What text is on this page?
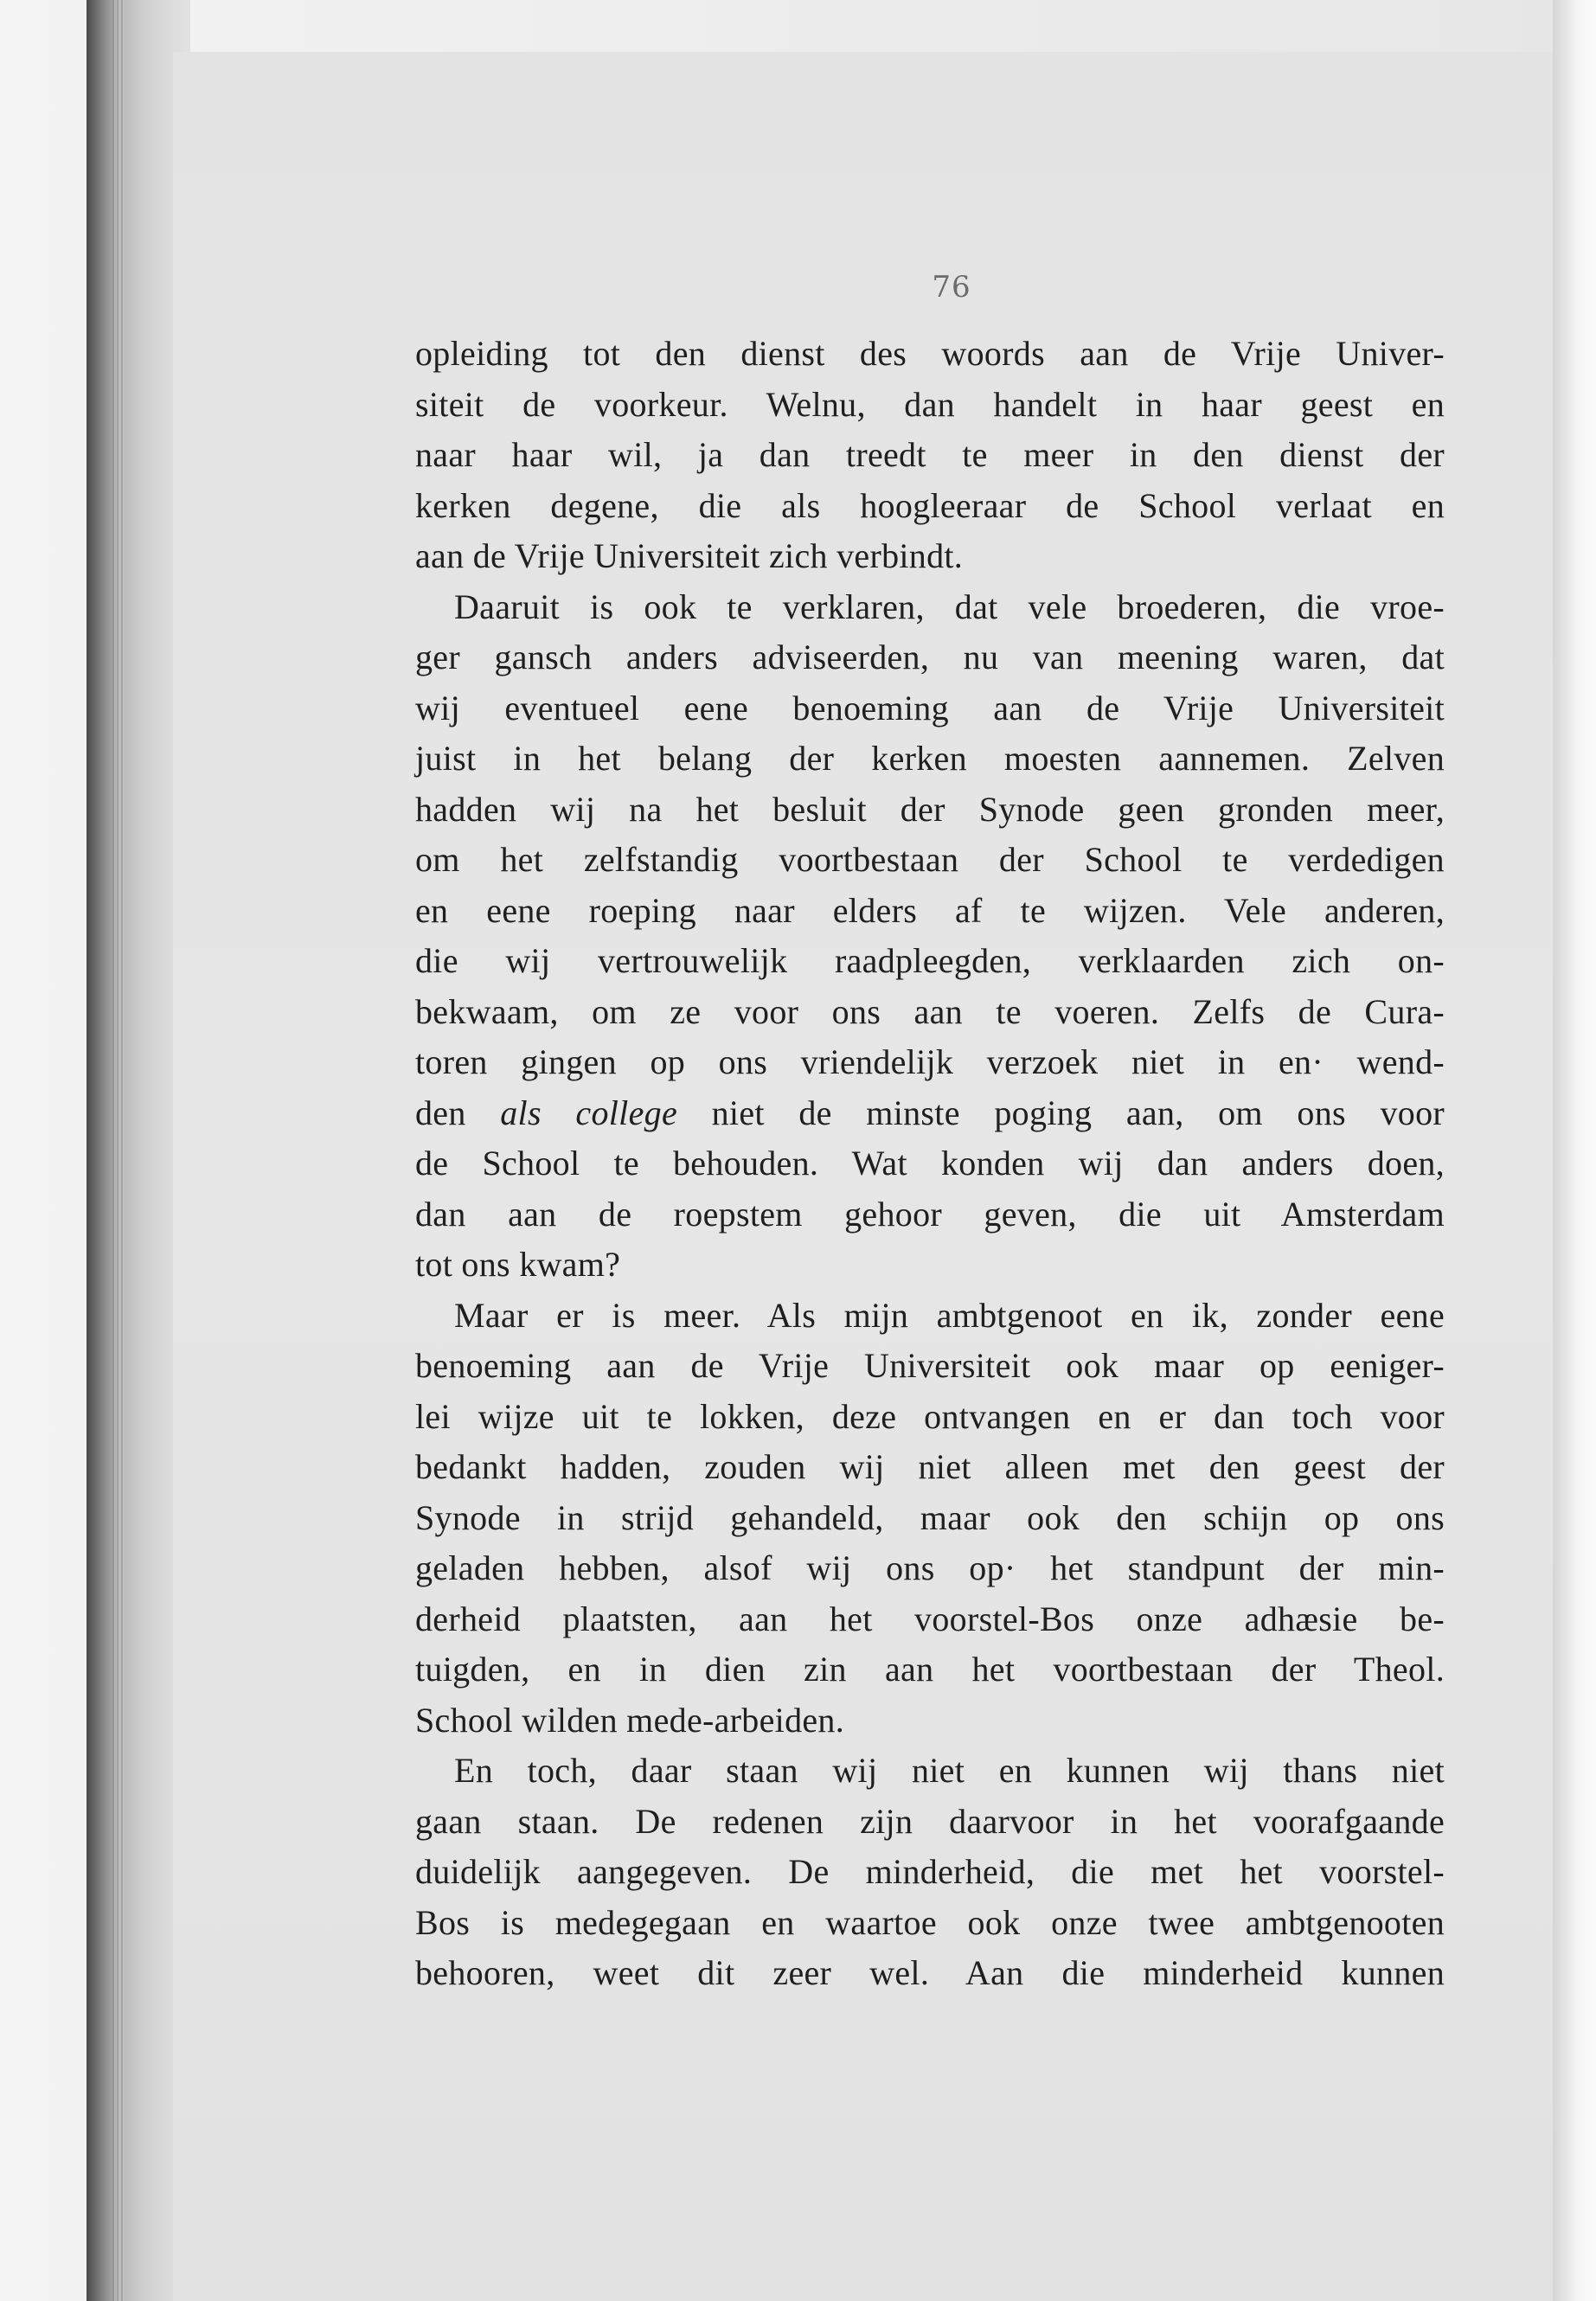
76
opleiding tot den dienst des woords aan de Vrije Univer-
siteit de voorkeur. Welnu, dan handelt in haar geest en
naar haar wil, ja dan treedt te meer in den dienst der
kerken degene, die als hoogleeraar de School verlaat en
aan de Vrije Universiteit zich verbindt.
Daaruit is ook te verklaren, dat vele broederen, die vroe-
ger gansch anders adviseerden, nu van meening waren, dat
wij eventueel eene benoeming aan de Vrije Universiteit
juist in het belang der kerken moesten aannemen. Zelven
hadden wij na het besluit der Synode geen gronden meer,
om het zelfstandig voortbestaan der School te verdedigen
en eene roeping naar elders af te wijzen. Vele anderen,
die wij vertrouwelijk raadpleegden, verklaarden zich on-
bekwaam, om ze voor ons aan te voeren. Zelfs de Cura-
toren gingen op ons vriendelijk verzoek niet in en· wend-
den als college niet de minste poging aan, om ons voor
de School te behouden. Wat konden wij dan anders doen,
dan aan de roepstem gehoor geven, die uit Amsterdam
tot ons kwam?
Maar er is meer. Als mijn ambtgenoot en ik, zonder eene
benoeming aan de Vrije Universiteit ook maar op eeniger-
lei wijze uit te lokken, deze ontvangen en er dan toch voor
bedankt hadden, zouden wij niet alleen met den geest der
Synode in strijd gehandeld, maar ook den schijn op ons
geladen hebben, alsof wij ons op· het standpunt der min-
derheid plaatsten, aan het voorstel-Bos onze adhæsie be-
tuigden, en in dien zin aan het voortbestaan der Theol.
School wilden mede-arbeiden.
En toch, daar staan wij niet en kunnen wij thans niet
gaan staan. De redenen zijn daarvoor in het voorafgaande
duidelijk aangegeven. De minderheid, die met het voorstel-
Bos is medegegaan en waartoe ook onze twee ambtgenooten
behooren, weet dit zeer wel. Aan die minderheid kunnen
